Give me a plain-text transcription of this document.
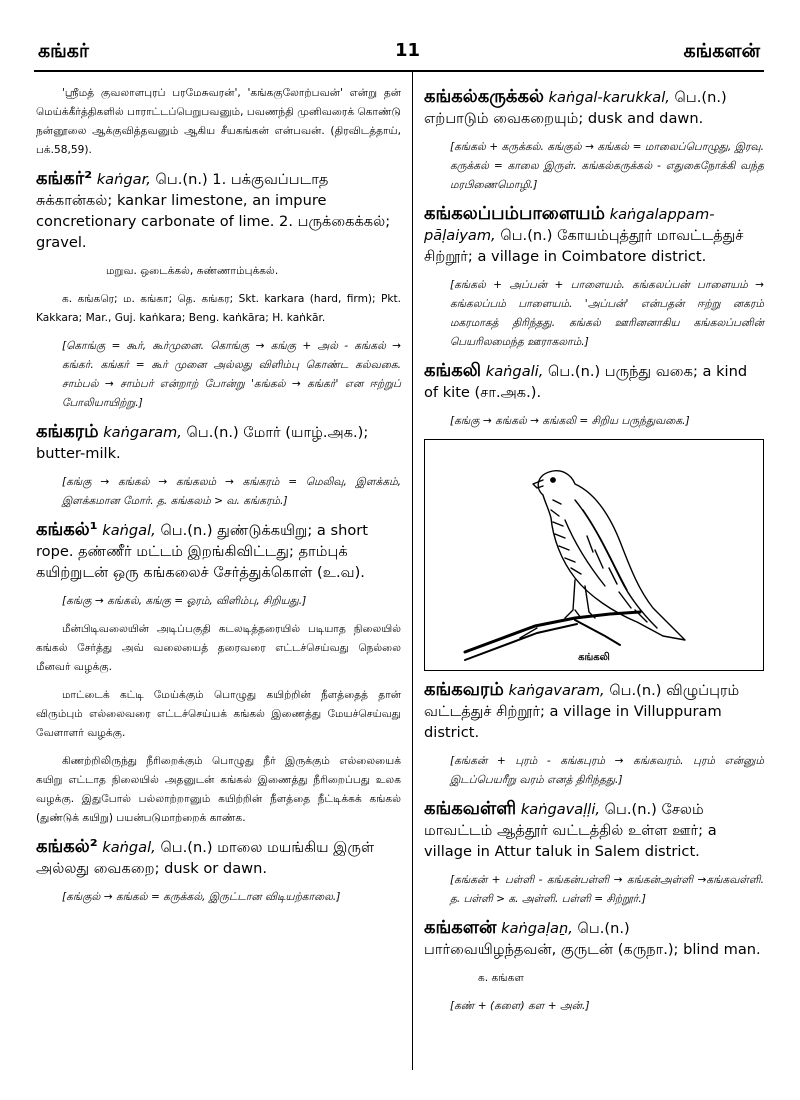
கங்கர்	11	கங்களன்

'ஸ்ரீமத் குவலாளபுரப் பரமேசுவரன்', 'கங்ககுலோற்பவன்' என்று தன் மெய்க்கீர்த்திகளில் பாராட்டப்பெறுபவனும், பவணந்தி முனிவரைக் கொண்டு நன்னூலை ஆக்குவித்தவனும் ஆகிய சீயகங்கன் என்பவன். (திரவிடத்தாய், பக்.58,59).

கங்கர்² kaṅgar, பெ.(n.) 1. பக்குவப்படாத சுக்கான்கல்; kankar limestone, an impure concretionary carbonate of lime. 2. பருக்கைக்கல்; gravel.

மறுவ. ஒடைக்கல், சுண்ணாம்புக்கல்.

க. கங்கரெ; ம. கங்கா; தெ. கங்கர; Skt. karkara (hard, firm); Pkt. Kakkara; Mar., Guj. kaṅkara; Beng. kaṅkāra; H. kaṅkār.

[கொங்கு = கூர், கூர்முனை. கொங்கு → கங்கு + அல் - கங்கல் → கங்கர். கங்கர் = கூர் முனை அல்லது விளிம்பு கொண்ட கல்வகை. சாம்பல் → சாம்பர் என்றாற் போன்று 'கங்கல் → கங்கர்' என ஈற்றுப் போலியாயிற்று.]

கங்கரம் kaṅgaram, பெ.(n.) மோர் (யாழ்.அக.); butter-milk.

[கங்கு → கங்கல் → கங்கலம் → கங்கரம் = மெலிவு, இளக்கம், இளக்கமான மோர். த. கங்கலம் > வ. கங்கரம்.]

கங்கல்¹ kaṅgal, பெ.(n.) துண்டுக்கயிறு; a short rope. தண்ணீர் மட்டம் இறங்கிவிட்டது; தாம்புக் கயிற்றுடன் ஒரு கங்கலைச் சேர்த்துக்கொள் (உ.வ).

[கங்கு → கங்கல், கங்கு = ஓரம், விளிம்பு, சிறியது.]

மீன்பிடிவலையின் அடிப்பகுதி கடலடித்தரையில் படியாத நிலையில் கங்கல் சேர்த்து அவ் வலையைத் தரைவரை எட்டச்செய்வது நெல்லை மீனவர் வழக்கு.

மாட்டைக் கட்டி மேய்க்கும் பொழுது கயிற்றின் நீளத்தைத் தான் விரும்பும் எல்லைவரை எட்டச்செய்யக் கங்கல் இணைத்து மேயச்செய்வது வேளாளர் வழக்கு.

கிணற்றிலிருந்து நீரிறைக்கும் பொழுது நீர் இருக்கும் எல்லையைக் கயிறு எட்டாத நிலையில் அதனுடன் கங்கல் இணைத்து நீரிறைப்பது உலக வழக்கு. இதுபோல் பல்லாற்றானும் கயிற்றின் நீளத்தை நீட்டிக்கக் கங்கல் (துண்டுக் கயிறு) பயன்படுமாற்றைக் காண்க.

கங்கல்² kaṅgal, பெ.(n.) மாலை மயங்கிய இருள் அல்லது வைகறை; dusk or dawn.

[கங்குல் → கங்கல் = கருக்கல், இருட்டான விடியற்காலை.]

கங்கல்கருக்கல் kaṅgal-karukkal, பெ.(n.) எற்பாடும் வைகறையும்; dusk and dawn.

[கங்கல் + கருக்கல். கங்குல் → கங்கல் = மாலைப்பொழுது, இரவு. கருக்கல் = காலை இருள். கங்கல்கருக்கல் - எதுகைநோக்கி வந்த மரபிணைமொழி.]

கங்கலப்பம்பாளையம் kaṅgalappam-pāḷaiyam, பெ.(n.) கோயம்புத்தூர் மாவட்டத்துச் சிற்றூர்; a village in Coimbatore district.

[கங்கல் + அப்பன் + பாளையம். கங்கலப்பன் பாளையம் → கங்கலப்பம் பாளையம். 'அப்பன்' என்பதன் ஈற்று னகரம் மகரமாகத் திரிந்தது. கங்கல் ஊரினனாகிய கங்கலப்பனின் பெயரிலமைந்த ஊராகலாம்.]

கங்கலி kaṅgali, பெ.(n.) பருந்து வகை; a kind of kite (சா.அக.).

[கங்கு → கங்கல் → கங்கலி = சிறிய பருந்துவகை.]

கங்கலி
கங்கவரம் kaṅgavaram, பெ.(n.) விழுப்புரம் வட்டத்துச் சிற்றூர்; a village in Villuppuram district.

[கங்கன் + புரம் - கங்கபுரம் → கங்கவரம். புரம் என்னும் இடப்பெயரீறு வரம் எனத் திரிந்தது.]

கங்கவள்ளி kaṅgavaḷḷi, பெ.(n.) சேலம் மாவட்டம் ஆத்தூர் வட்டத்தில் உள்ள ஊர்; a village in Attur taluk in Salem district.

[கங்கன் + பள்ளி - கங்கன்பள்ளி → கங்கன்அள்ளி →கங்கவள்ளி. த. பள்ளி > க. அள்ளி. பள்ளி = சிற்றூர்.]

கங்களன் kaṅgaḷaṉ, பெ.(n.) பார்வையிழந்தவன், குருடன் (கருநா.); blind man.

க. கங்கள

[கண் + (களை) கள + அன்.]
